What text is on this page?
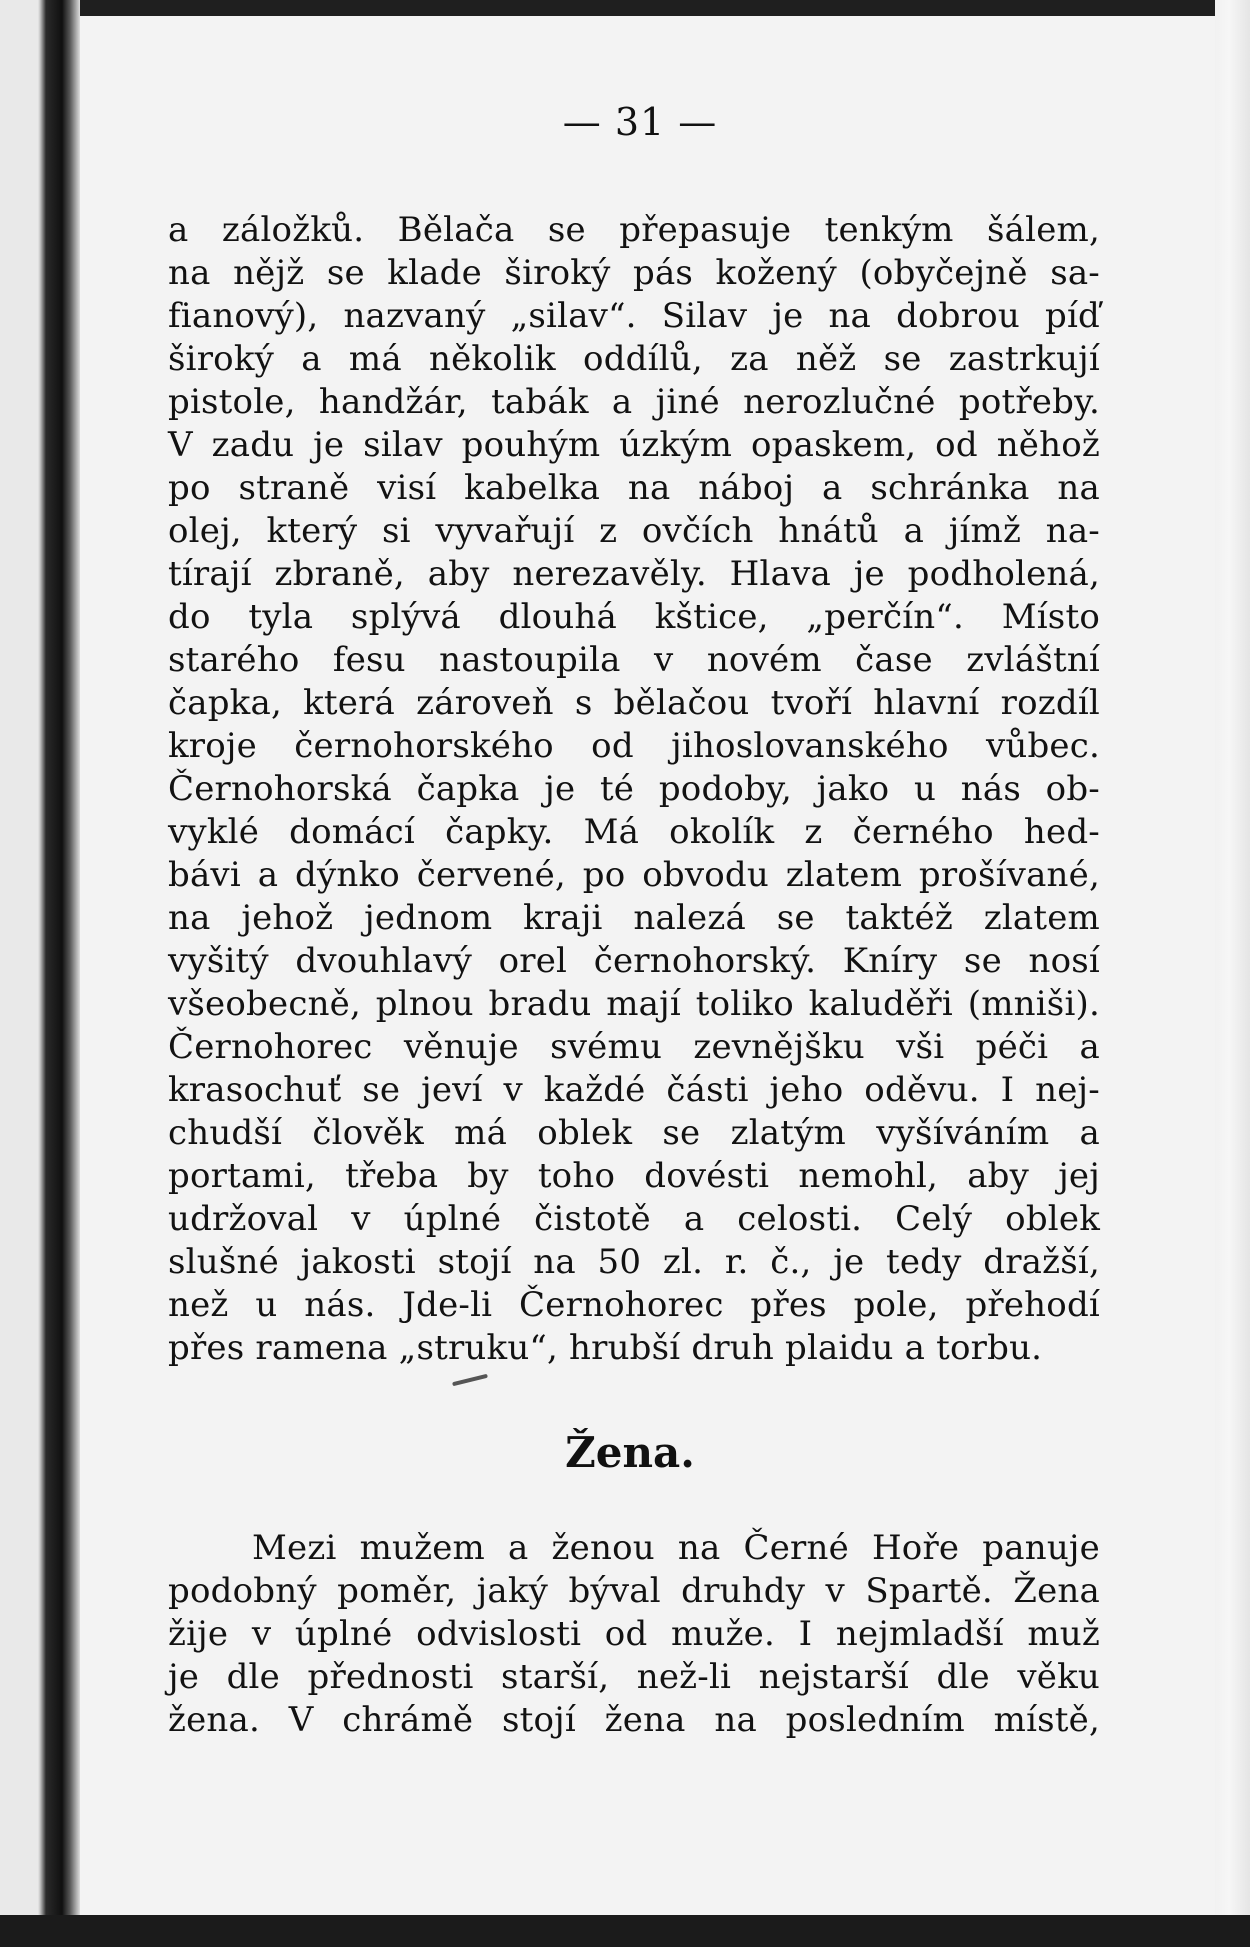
— 31 —
a záložků. Bělača se přepasuje tenkým šálem,
na nějž se klade široký pás kožený (obyčejně sa-
fianový), nazvaný „silav“. Silav je na dobrou píď
široký a má několik oddílů, za něž se zastrkují
pistole, handžár, tabák a jiné nerozlučné potřeby.
V zadu je silav pouhým úzkým opaskem, od něhož
po straně visí kabelka na náboj a schránka na
olej, který si vyvařují z ovčích hnátů a jímž na-
tírají zbraně, aby nerezavěly. Hlava je podholená,
do tyla splývá dlouhá kštice, „perčín“. Místo
starého fesu nastoupila v novém čase zvláštní
čapka, která zároveň s bělačou tvoří hlavní rozdíl
kroje černohorského od jihoslovanského vůbec.
Černohorská čapka je té podoby, jako u nás ob-
vyklé domácí čapky. Má okolík z černého hed-
bávi a dýnko červené, po obvodu zlatem prošívané,
na jehož jednom kraji nalezá se taktéž zlatem
vyšitý dvouhlavý orel černohorský. Kníry se nosí
všeobecně, plnou bradu mají toliko kaluděři (mniši).
Černohorec věnuje svému zevnějšku vši péči a
krasochuť se jeví v každé části jeho oděvu. I nej-
chudší člověk má oblek se zlatým vyšíváním a
portami, třeba by toho dovésti nemohl, aby jej
udržoval v úplné čistotě a celosti. Celý oblek
slušné jakosti stojí na 50 zl. r. č., je tedy dražší,
než u nás. Jde-li Černohorec přes pole, přehodí
přes ramena „struku“, hrubší druh plaidu a torbu.
Mezi mužem a ženou na Černé Hoře panuje
podobný poměr, jaký býval druhdy v Spartě. Žena
žije v úplné odvislosti od muže. I nejmladší muž
je dle přednosti starší, než-li nejstarší dle věku
žena. V chrámě stojí žena na posledním místě,
Žena.
